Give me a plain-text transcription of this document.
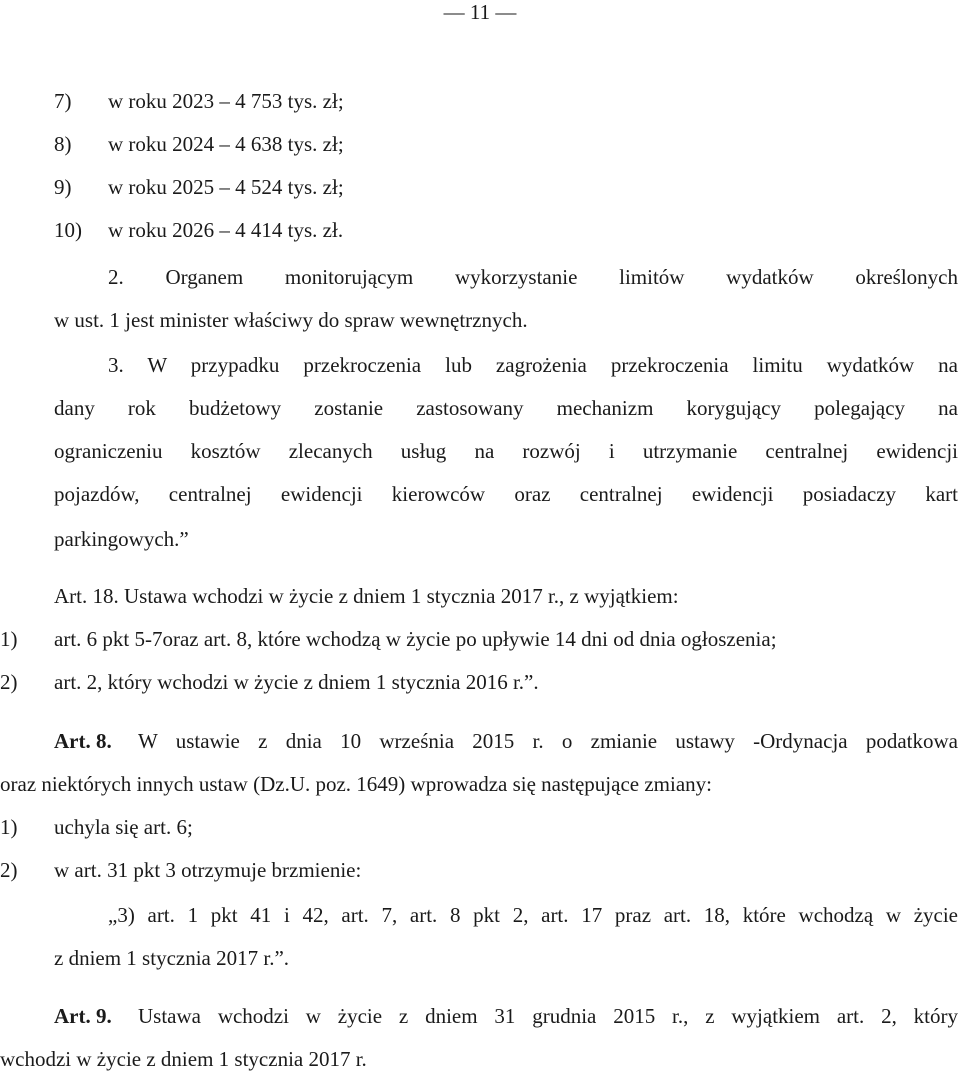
— 11 —
7) w roku 2023 – 4 753 tys. zł;
8) w roku 2024 – 4 638 tys. zł;
9) w roku 2025 – 4 524 tys. zł;
10) w roku 2026 – 4 414 tys. zł.
2. Organem monitorującym wykorzystanie limitów wydatków określonych
w ust. 1 jest minister właściwy do spraw wewnętrznych.
3. W przypadku przekroczenia lub zagrożenia przekroczenia limitu wydatków na
dany rok budżetowy zostanie zastosowany mechanizm korygujący polegający na
ograniczeniu kosztów zlecanych usług na rozwój i utrzymanie centralnej ewidencji
pojazdów, centralnej ewidencji kierowców oraz centralnej ewidencji posiadaczy kart
parkingowych.”
Art. 18. Ustawa wchodzi w życie z dniem 1 stycznia 2017 r., z wyjątkiem:
1) art. 6 pkt 5-7oraz art. 8, które wchodzą w życie po upływie 14 dni od dnia ogłoszenia;
2) art. 2, który wchodzi w życie z dniem 1 stycznia 2016 r.”.
Art. 8. W ustawie z dnia 10 września 2015 r. o zmianie ustawy -Ordynacja podatkowa
oraz niektórych innych ustaw (Dz.U. poz. 1649) wprowadza się następujące zmiany:
1) uchyla się art. 6;
2) w art. 31 pkt 3 otrzymuje brzmienie:
„3) art. 1 pkt 41 i 42, art. 7, art. 8 pkt 2, art. 17 praz art. 18, które wchodzą w życie
z dniem 1 stycznia 2017 r.”.
Art. 9. Ustawa wchodzi w życie z dniem 31 grudnia 2015 r., z wyjątkiem art. 2, który
wchodzi w życie z dniem 1 stycznia 2017 r.
